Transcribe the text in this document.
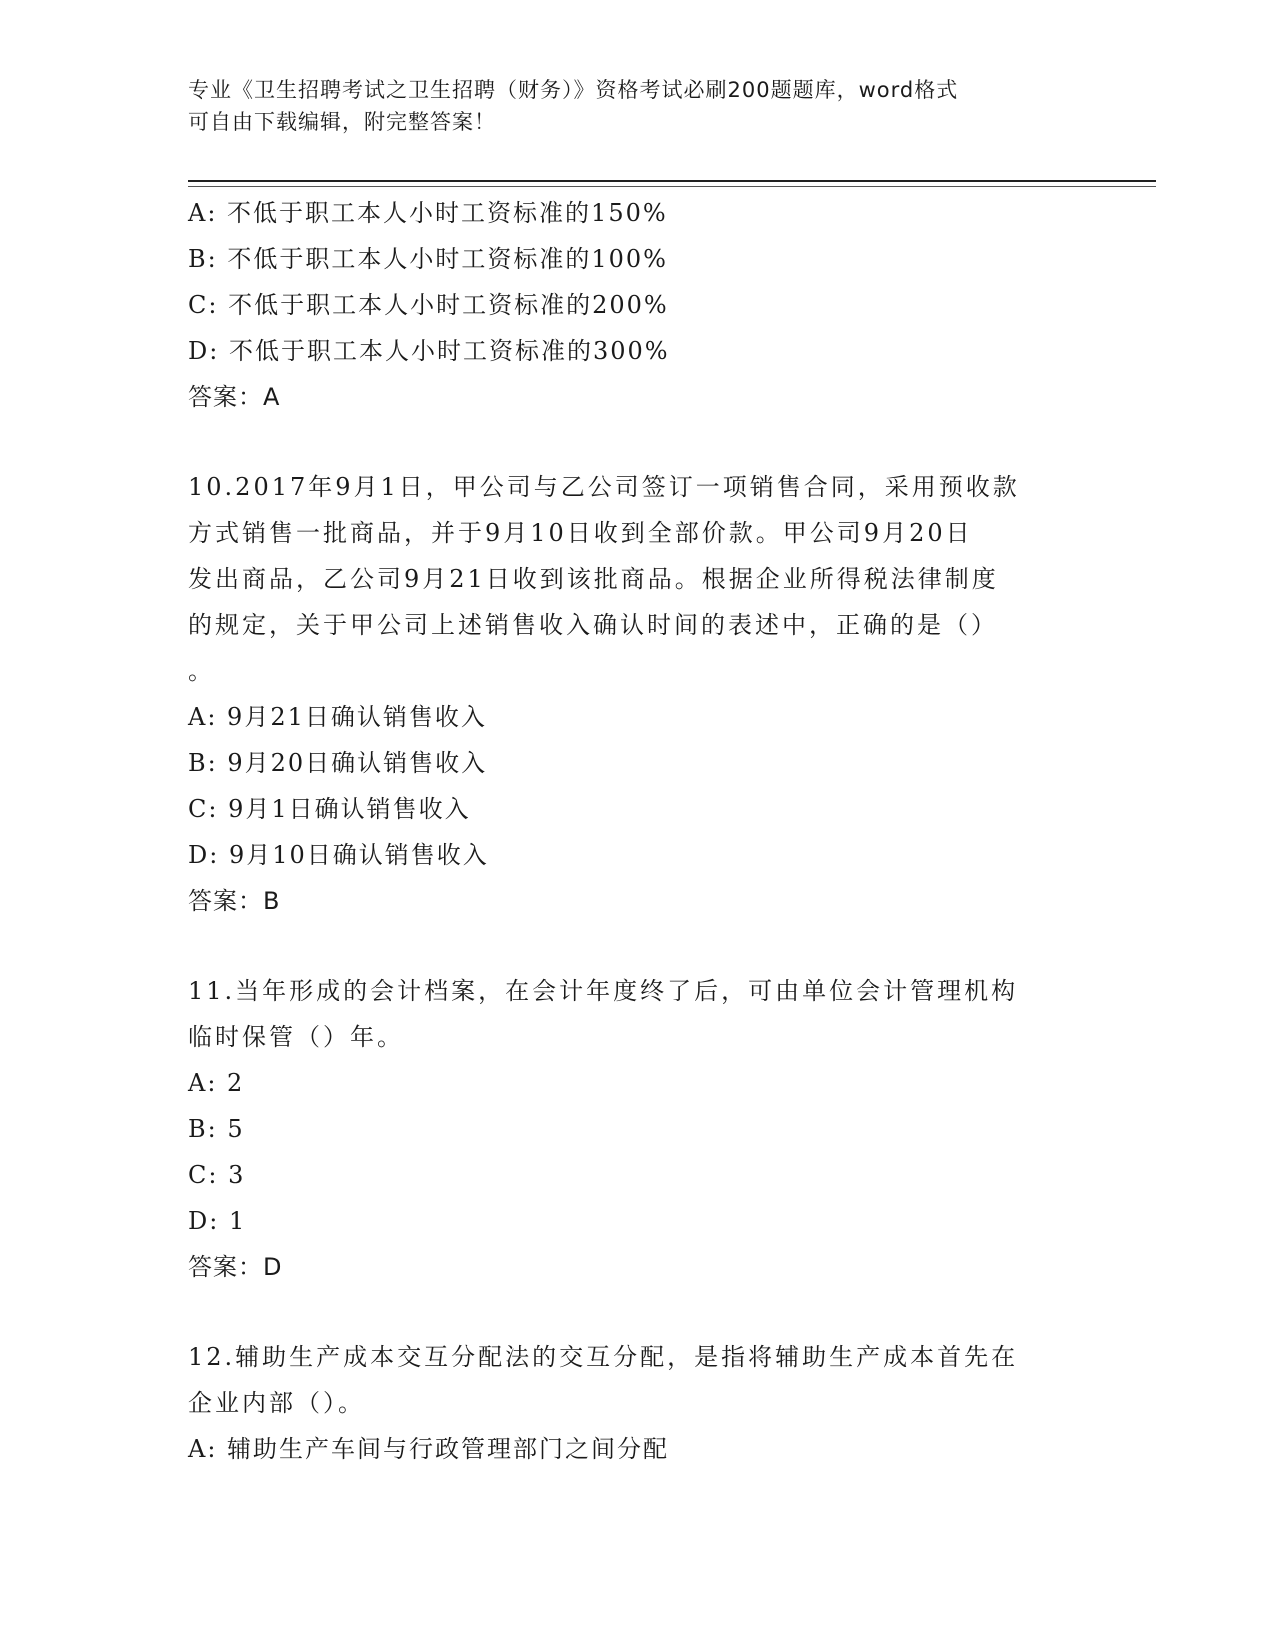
专业《卫生招聘考试之卫生招聘（财务）》资格考试必刷200题题库，word格式
可自由下载编辑，附完整答案！
A: 不低于职工本人小时工资标准的150%
B: 不低于职工本人小时工资标准的100%
C: 不低于职工本人小时工资标准的200%
D: 不低于职工本人小时工资标准的300%
答案：A
10.2017年9月1日，甲公司与乙公司签订一项销售合同，采用预收款
方式销售一批商品，并于9月10日收到全部价款。甲公司9月20日
发出商品，乙公司9月21日收到该批商品。根据企业所得税法律制度
的规定，关于甲公司上述销售收入确认时间的表述中，正确的是（）
。
A: 9月21日确认销售收入
B: 9月20日确认销售收入
C: 9月1日确认销售收入
D: 9月10日确认销售收入
答案：B
11.当年形成的会计档案，在会计年度终了后，可由单位会计管理机构
临时保管（）年。
A: 2
B: 5
C: 3
D: 1
答案：D
12.辅助生产成本交互分配法的交互分配，是指将辅助生产成本首先在
企业内部（）。
A: 辅助生产车间与行政管理部门之间分配
